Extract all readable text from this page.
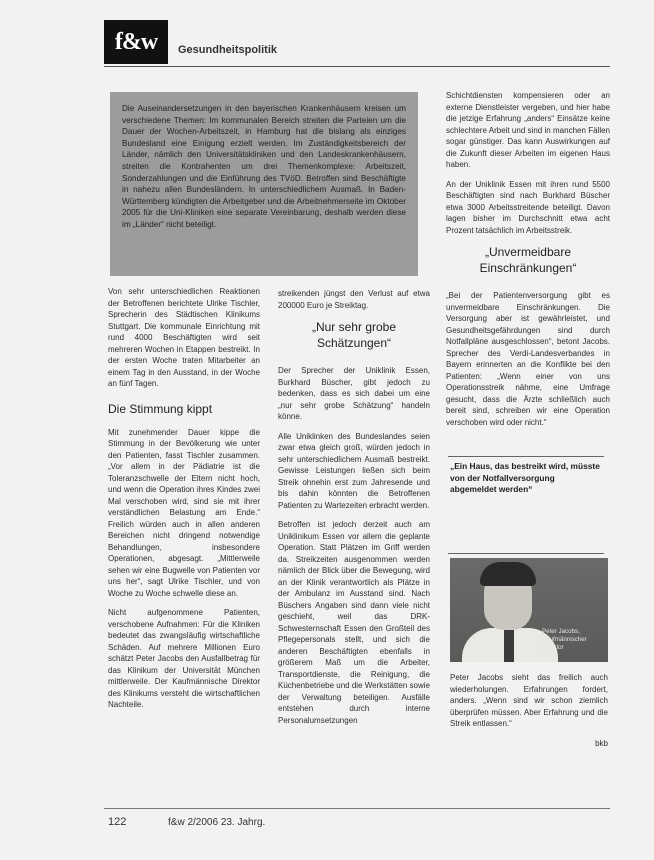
f&w	Gesundheitspolitik
Die Auseinandersetzungen in den bayerischen Krankenhäusern kreisen um verschiedene Themen: Im kommunalen Bereich streiten die Parteien um die Dauer der Wochen-Arbeitszeit, in Hamburg hat die bislang als einziges Bundesland eine Einigung erzielt werden. Im Zuständigkeitsbereich der Länder, nämlich den Universitätskliniken und den Landeskrankenhäusern, streiten die Kontrahenten um drei Themenkomplexe: Arbeitszeit, Sonderzahlungen und die Einführung des TVöD. Betroffen sind Beschäftigte in nahezu allen Bundesländern. In unterschiedlichem Ausmaß. In Baden-Württemberg kündigten die Arbeitgeber und die Arbeitnehmerseite im Oktober 2005 für die Uni-Kliniken eine separate Vereinbarung, deshalb werden diese im „Länder“ nicht beteiligt.

Von sehr unterschiedlichen Reaktionen der Betroffenen berichtete Ulrike Tischler, Sprecherin des Städtischen Klinikums Stuttgart. Die kommunale Einrichtung mit rund 4000 Beschäftigten wird seit mehreren Wochen in Etappen bestreikt. In der ersten Woche traten Mitarbeiter an einem Tag in den Ausstand, in der Woche an fünf Tagen.

Die Stimmung kippt

Mit zunehmender Dauer kippe die Stimmung in der Bevölkerung wie unter den Patienten, fasst Tischler zusammen. „Vor allem in der Pädiatrie ist die Toleranzschwelle der Eltern nicht hoch, und wenn die Operation ihres Kindes zwei Mal verschoben wird, sind sie mit ihrer verständlichen Belastung am Ende.“ Freilich würden auch in allen anderen Bereichen nicht dringend notwendige Behandlungen, insbesondere Operationen, abgesagt. „Mittlerweile sehen wir eine Bugwelle von Patienten vor uns her“, sagt Ulrike Tischler, und von Woche zu Woche schwelle diese an.

Nicht aufgenommene Patienten, verschobene Aufnahmen: Für die Kliniken bedeutet das zwangsläufig wirtschaftliche Schäden. Auf mehrere Millionen Euro schätzt Peter Jacobs den Ausfallbetrag für das Klinikum der Universität München mittlerweile. Der Kaufmännische Direktor des Klinikums versteht die wirtschaftlichen Nachteile.

streikenden jüngst den Verlust auf etwa 200000 Euro je Streiktag.

„Nur sehr grobe Schätzungen“

Der Sprecher der Uniklinik Essen, Burkhard Büscher, gibt jedoch zu bedenken, dass es sich dabei um eine „nur sehr grobe Schätzung“ handeln könne.

Alle Uniklinken des Bundeslandes seien zwar etwa gleich groß, würden jedoch in sehr unterschiedlichem Ausmaß bestreikt. Gewisse Leistungen ließen sich beim Streik ohnehin erst zum Jahresende und bis dahin könnten die Betroffenen Patienten zu Wartezeiten erbracht werden.

Betroffen ist jedoch derzeit auch am Uniklinikum Essen vor allem die geplante Operation. Statt Plätzen im Griff werden da. Streikzeiten ausgenommen werden nämlich der Blick über die Bewegung, wird an der Klinik verantwortlich als Plätze in der Ambulanz im Ausstand sind. Nach Büschers Angaben sind dann viele nicht geschieht, weil das DRK-Schwesternschaft Essen den Großteil des Pflegepersonals stellt, und sich die anderen Beschäftigten ebenfalls in größerem Maß um die Arbeiter, Transportdienste, die Reinigung, die Küchenbetriebe und die Werkstätten sowie der Verwaltung beteiligen. Ausfälle entstehen durch interne Personalumsetzungen

Schichtdiensten kompensieren oder an externe Dienstleister vergeben, und hier habe die jetzige Erfahrung „anders“ Einsätze keine schlechtere Arbeit und sind in manchen Fällen sogar günstiger. Das kann Auswirkungen auf die Zukunft dieser Arbeiten im eigenen Haus haben.

An der Uniklinik Essen mit ihren rund 5500 Beschäftigten sind nach Burkhard Büscher etwa 3000 Arbeitsstreitende beteiligt. Davon lagen bisher im Durchschnitt etwa acht Prozent tatsächlich im Arbeitsstreik.

„Unvermeidbare Einschränkungen“

„Bei der Patientenversorgung gibt es unvermeidbare Einschränkungen. Die Versorgung aber ist gewährleistet, und Gesundheitsgefährdungen sind durch Notfallpläne ausgeschlossen“, betont Jacobs. Sprecher des Verdi-Landesverbandes in Bayern erinnerten an die Konflikte bei den Patienten: „Wenn einer von uns Operationsstreik nähme, eine Umfrage gesucht, dass die Ärzte schließlich auch bereit sind, schreiben wir eine Operation verschoben wird oder nicht.“

„Ein Haus, das bestreikt wird, müsste von der Notfallversorgung abgemeldet werden“
Peter Jacobs, Kaufmännischer Direktor

Peter Jacobs sieht das freilich auch wiederholungen. Erfahrungen fordert, anders. „Wenn sind wir schon ziemlich überprüfen müssen. Aber Erfahrung und die Streik entlassen.“

bkb
122	f&w 2/2006 23. Jahrg.
